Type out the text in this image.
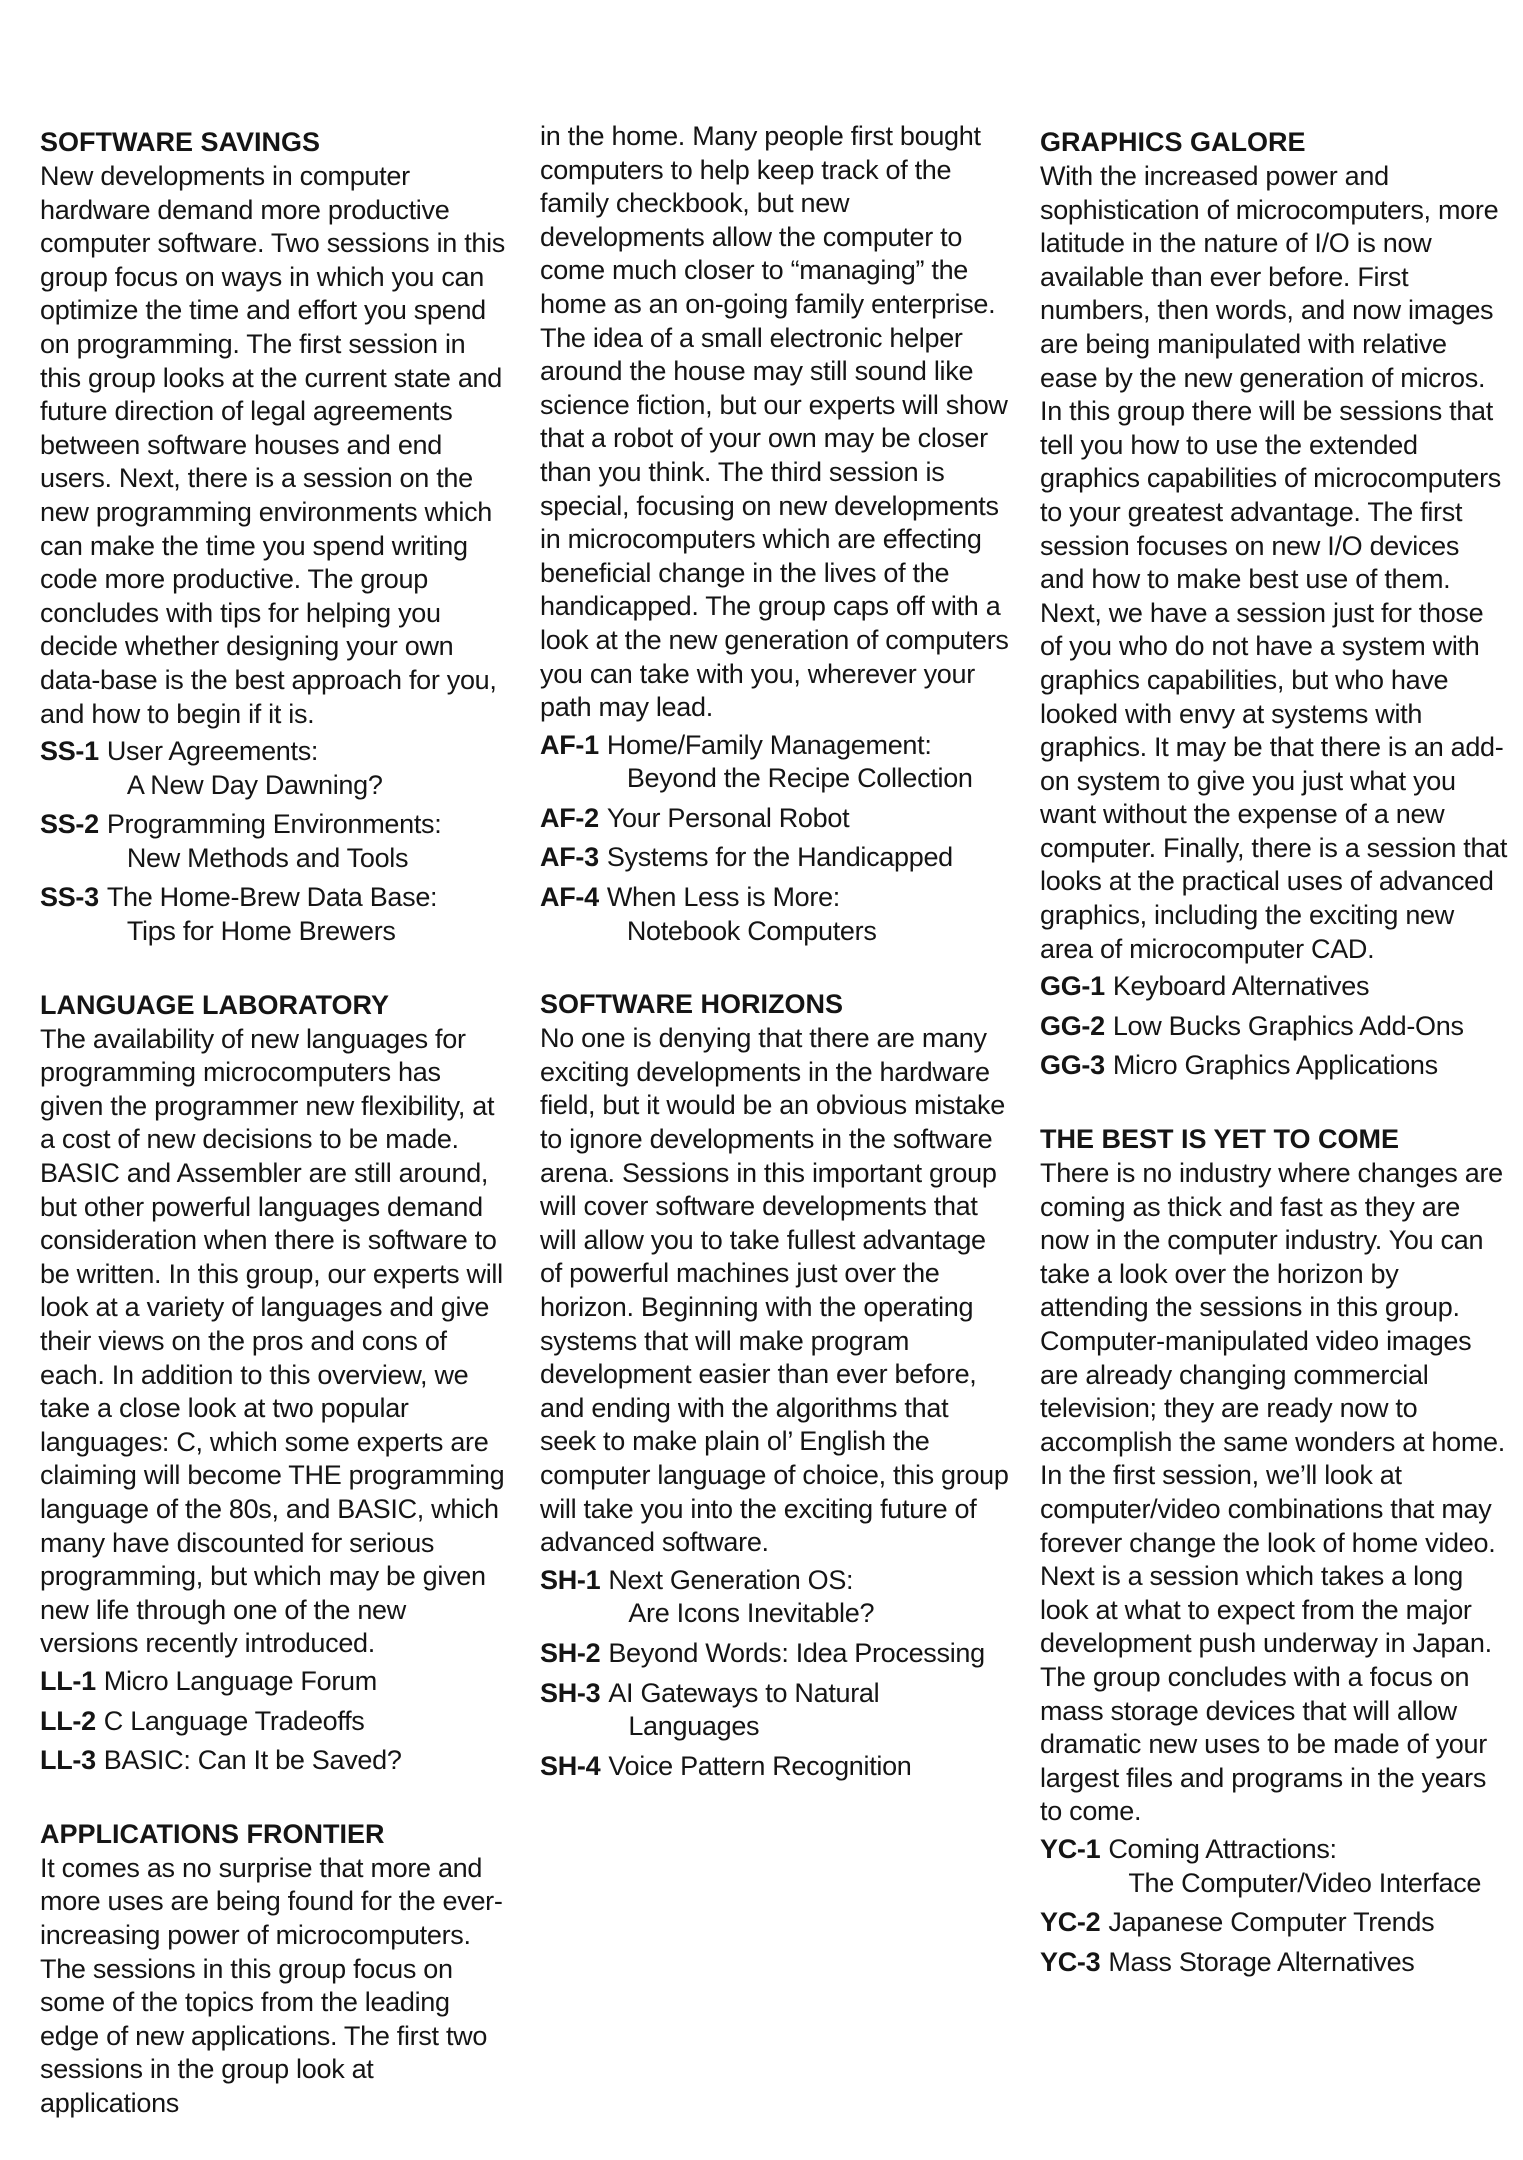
SOFTWARE SAVINGS

New developments in computer hardware demand more productive computer software. Two sessions in this group focus on ways in which you can optimize the time and effort you spend on programming. The first session in this group looks at the current state and future direction of legal agreements between software houses and end users. Next, there is a session on the new programming environments which can make the time you spend writing code more productive. The group concludes with tips for helping you decide whether designing your own data-base is the best approach for you, and how to begin if it is.

SS-1 User Agreements:
A New Day Dawning?
SS-2 Programming Environments:
New Methods and Tools
SS-3 The Home-Brew Data Base:
Tips for Home Brewers
LANGUAGE LABORATORY

The availability of new languages for programming microcomputers has given the programmer new flexibility, at a cost of new decisions to be made. BASIC and Assembler are still around, but other powerful languages demand consideration when there is software to be written. In this group, our experts will look at a variety of languages and give their views on the pros and cons of each. In addition to this overview, we take a close look at two popular languages: C, which some experts are claiming will become THE programming language of the 80s, and BASIC, which many have discounted for serious programming, but which may be given new life through one of the new versions recently introduced.

LL-1 Micro Language Forum
LL-2 C Language Tradeoffs
LL-3 BASIC: Can It be Saved?
APPLICATIONS FRONTIER

It comes as no surprise that more and more uses are being found for the ever-increasing power of microcomputers. The sessions in this group focus on some of the topics from the leading edge of new applications. The first two sessions in the group look at applications

in the home. Many people first bought computers to help keep track of the family checkbook, but new developments allow the computer to come much closer to “managing” the home as an on-going family enterprise. The idea of a small electronic helper around the house may still sound like science fiction, but our experts will show that a robot of your own may be closer than you think. The third session is special, focusing on new developments in microcomputers which are effecting beneficial change in the lives of the handicapped. The group caps off with a look at the new generation of computers you can take with you, wherever your path may lead.

AF-1 Home/Family Management:
Beyond the Recipe Collection
AF-2 Your Personal Robot
AF-3 Systems for the Handicapped
AF-4 When Less is More:
Notebook Computers
SOFTWARE HORIZONS

No one is denying that there are many exciting developments in the hardware field, but it would be an obvious mistake to ignore developments in the software arena. Sessions in this important group will cover software developments that will allow you to take fullest advantage of powerful machines just over the horizon. Beginning with the operating systems that will make program development easier than ever before, and ending with the algorithms that seek to make plain ol’ English the computer language of choice, this group will take you into the exciting future of advanced software.

SH-1 Next Generation OS:
Are Icons Inevitable?
SH-2 Beyond Words: Idea Processing
SH-3 AI Gateways to Natural
Languages
SH-4 Voice Pattern Recognition
GRAPHICS GALORE

With the increased power and sophistication of microcomputers, more latitude in the nature of I/O is now available than ever before. First numbers, then words, and now images are being manipulated with relative ease by the new generation of micros. In this group there will be sessions that tell you how to use the extended graphics capabilities of microcomputers to your greatest advantage. The first session focuses on new I/O devices and how to make best use of them. Next, we have a session just for those of you who do not have a system with graphics capabilities, but who have looked with envy at systems with graphics. It may be that there is an add-on system to give you just what you want without the expense of a new computer. Finally, there is a session that looks at the practical uses of advanced graphics, including the exciting new area of microcomputer CAD.

GG-1 Keyboard Alternatives
GG-2 Low Bucks Graphics Add-Ons
GG-3 Micro Graphics Applications
THE BEST IS YET TO COME

There is no industry where changes are coming as thick and fast as they are now in the computer industry. You can take a look over the horizon by attending the sessions in this group. Computer-manipulated video images are already changing commercial television; they are ready now to accomplish the same wonders at home. In the first session, we’ll look at computer/video combinations that may forever change the look of home video. Next is a session which takes a long look at what to expect from the major development push underway in Japan. The group concludes with a focus on mass storage devices that will allow dramatic new uses to be made of your largest files and programs in the years to come.

YC-1 Coming Attractions:
The Computer/Video Interface
YC-2 Japanese Computer Trends
YC-3 Mass Storage Alternatives
